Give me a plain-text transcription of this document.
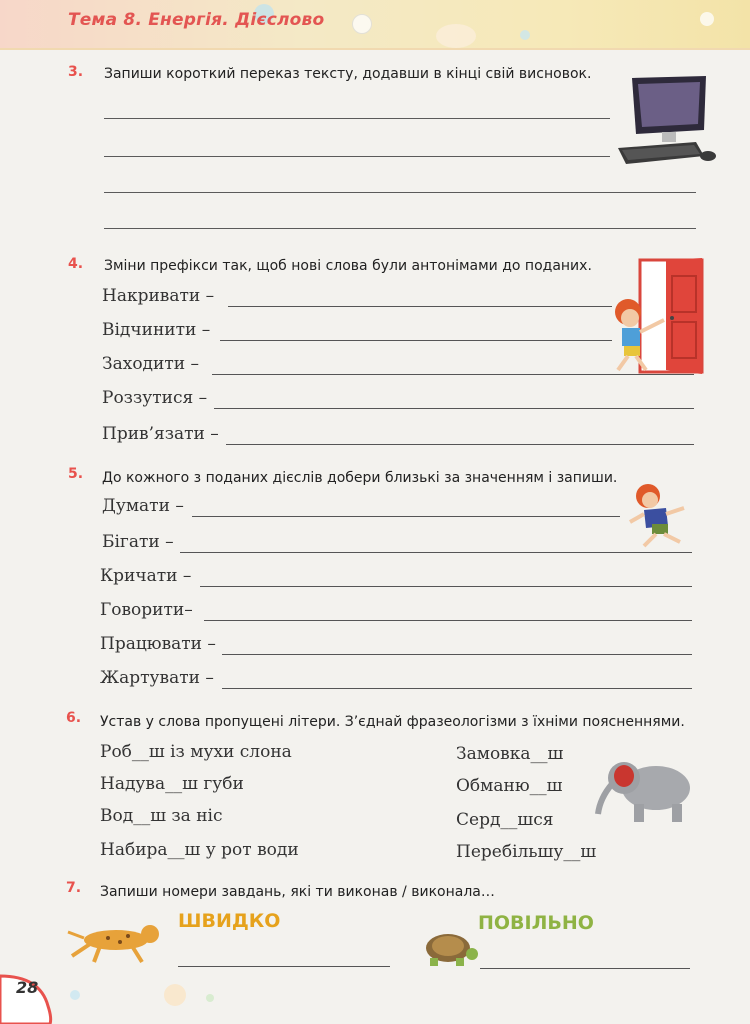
Тема 8. Енергія. Дієслово
3. Запиши короткий переказ тексту, додавши в кінці свій висновок.
4. Зміни префікси так, щоб нові слова були антонімами до поданих.
Накривати –
Відчинити –
Заходити –
Роззутися –
Прив’язати –
5. До кожного з поданих дієслів добери близькі за значенням і запиши.
Думати –
Бігати –
Кричати –
Говорити–
Працювати –
Жартувати –
6. Устав у слова пропущені літери. З’єднай фразеологізми з їхніми поясненнями.
Роб__ш із мухи слона
Надува__ш губи
Вод__ш за ніс
Набира__ш у рот води
Замовка__ш
Обманю__ш
Серд__шся
Перебільшу__ш
7. Запиши номери завдань, які ти виконав / виконала…
ШВИДКО	ПОВІЛЬНО
28
